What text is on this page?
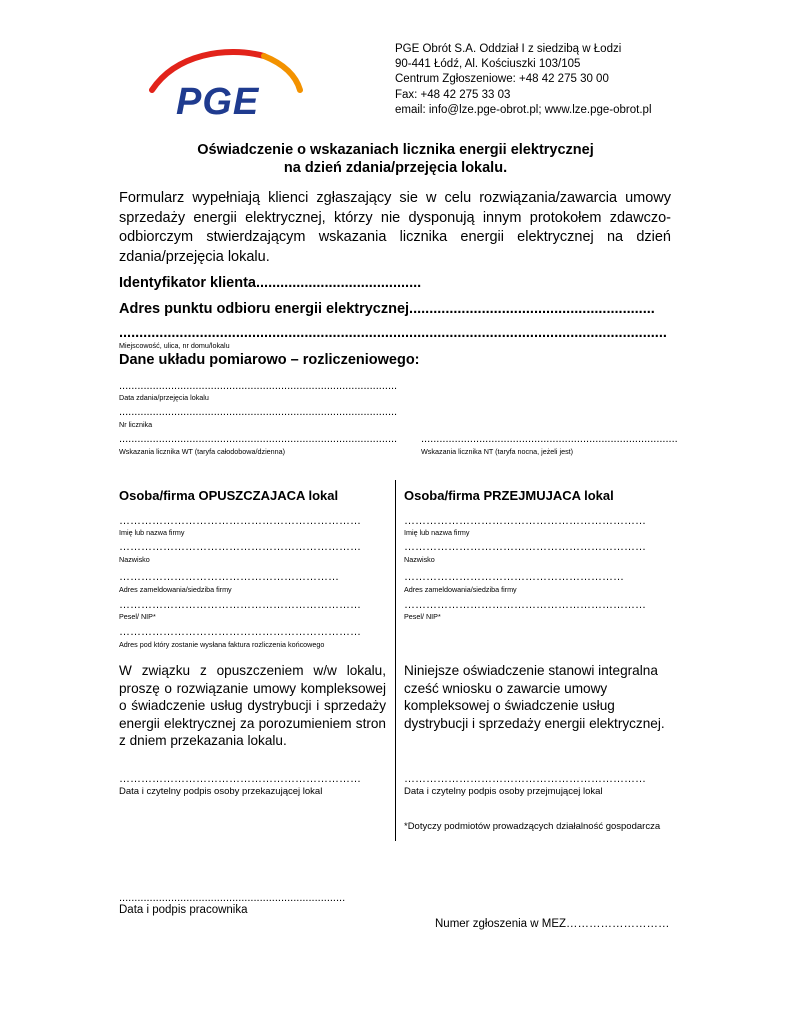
PGE
PGE Obrót S.A. Oddział I z siedzibą w Łodzi
90-441 Łódź, Al. Kościuszki 103/105
Centrum Zgłoszeniowe: +48 42 275 30 00
Fax: +48 42 275 33 03
email: info@lze.pge-obrot.pl; www.lze.pge-obrot.pl
Oświadczenie o wskazaniach licznika energii elektrycznej
na dzień zdania/przejęcia lokalu.
Formularz wypełniają klienci zgłaszający sie w celu rozwiązania/zawarcia umowy sprzedaży energii elektrycznej, którzy nie dysponują innym protokołem zdawczo-odbiorczym stwierdzającym wskazania licznika energii elektrycznej na dzień zdania/przejęcia lokalu.
Identyfikator klienta.........................................
Adres punktu odbioru energii elektrycznej.............................................................
........................................................................................................................................
Miejscowość, ulica, nr domu/lokalu
Dane układu pomiarowo – rozliczeniowego:
...........................................................................................
Data zdania/przejęcia lokalu
...........................................................................................
Nr licznika
...........................................................................................
Wskazania licznika WT (taryfa całodobowa/dzienna)
....................................................................................
Wskazania licznika NT (taryfa nocna, jeżeli jest)
Osoba/firma OPUSZCZAJACA lokal
…………………………………………………………
Imię lub nazwa firmy
…………………………………………………………
Nazwisko
……………………………………………………
Adres zameldowania/siedziba firmy
…………………………………………………………
Pesel/ NIP*
…………………………………………………………
Adres pod który zostanie wysłana faktura rozliczenia końcowego
W związku z opuszczeniem w/w lokalu, proszę o rozwiązanie umowy kompleksowej o świadczenie usług dystrybucji i sprzedaży energii elektrycznej za porozumieniem stron z dniem przekazania lokalu.
…………………………………………………………
Data i czytelny podpis osoby przekazującej lokal
Osoba/firma PRZEJMUJACA lokal
…………………………………………………………
Imię lub nazwa firmy
…………………………………………………………
Nazwisko
……………………………………………………
Adres zameldowania/siedziba firmy
…………………………………………………………
Pesel/ NIP*
Niniejsze oświadczenie stanowi integralna cześć wniosku o zawarcie umowy kompleksowej o świadczenie usług dystrybucji i sprzedaży energii elektrycznej.
…………………………………………………………
Data i czytelny podpis osoby przejmującej lokal
*Dotyczy podmiotów prowadzących działalność gospodarcza
..........................................................................
Data i podpis pracownika
Numer zgłoszenia w MEZ………………………
